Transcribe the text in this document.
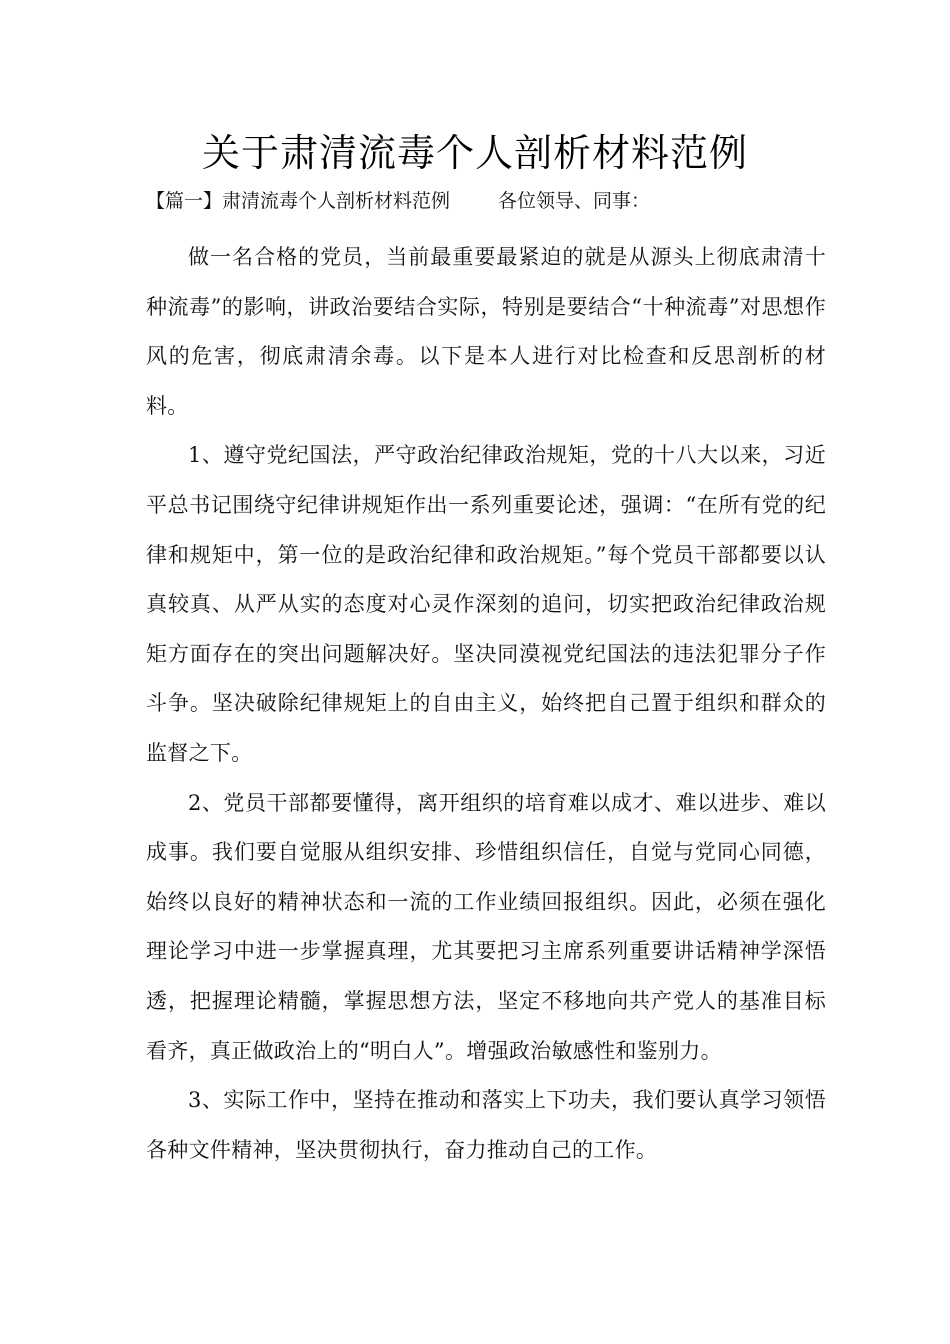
关于肃清流毒个人剖析材料范例

【篇一】肃清流毒个人剖析材料范例	各位领导、同事：

做一名合格的党员，当前最重要最紧迫的就是从源头上彻底肃清十种流毒”的影响，讲政治要结合实际，特别是要结合“十种流毒”对思想作风的危害，彻底肃清余毒。以下是本人进行对比检查和反思剖析的材料。

1、遵守党纪国法，严守政治纪律政治规矩，党的十八大以来，习近平总书记围绕守纪律讲规矩作出一系列重要论述，强调：“在所有党的纪律和规矩中，第一位的是政治纪律和政治规矩。”每个党员干部都要以认真较真、从严从实的态度对心灵作深刻的追问，切实把政治纪律政治规矩方面存在的突出问题解决好。坚决同漠视党纪国法的违法犯罪分子作斗争。坚决破除纪律规矩上的自由主义，始终把自己置于组织和群众的监督之下。

2、党员干部都要懂得，离开组织的培育难以成才、难以进步、难以成事。我们要自觉服从组织安排、珍惜组织信任，自觉与党同心同德，始终以良好的精神状态和一流的工作业绩回报组织。因此，必须在强化理论学习中进一步掌握真理，尤其要把习主席系列重要讲话精神学深悟透，把握理论精髓，掌握思想方法，坚定不移地向共产党人的基准目标看齐，真正做政治上的“明白人”。增强政治敏感性和鉴别力。

3、实际工作中，坚持在推动和落实上下功夫，我们要认真学习领悟各种文件精神，坚决贯彻执行，奋力推动自己的工作。
